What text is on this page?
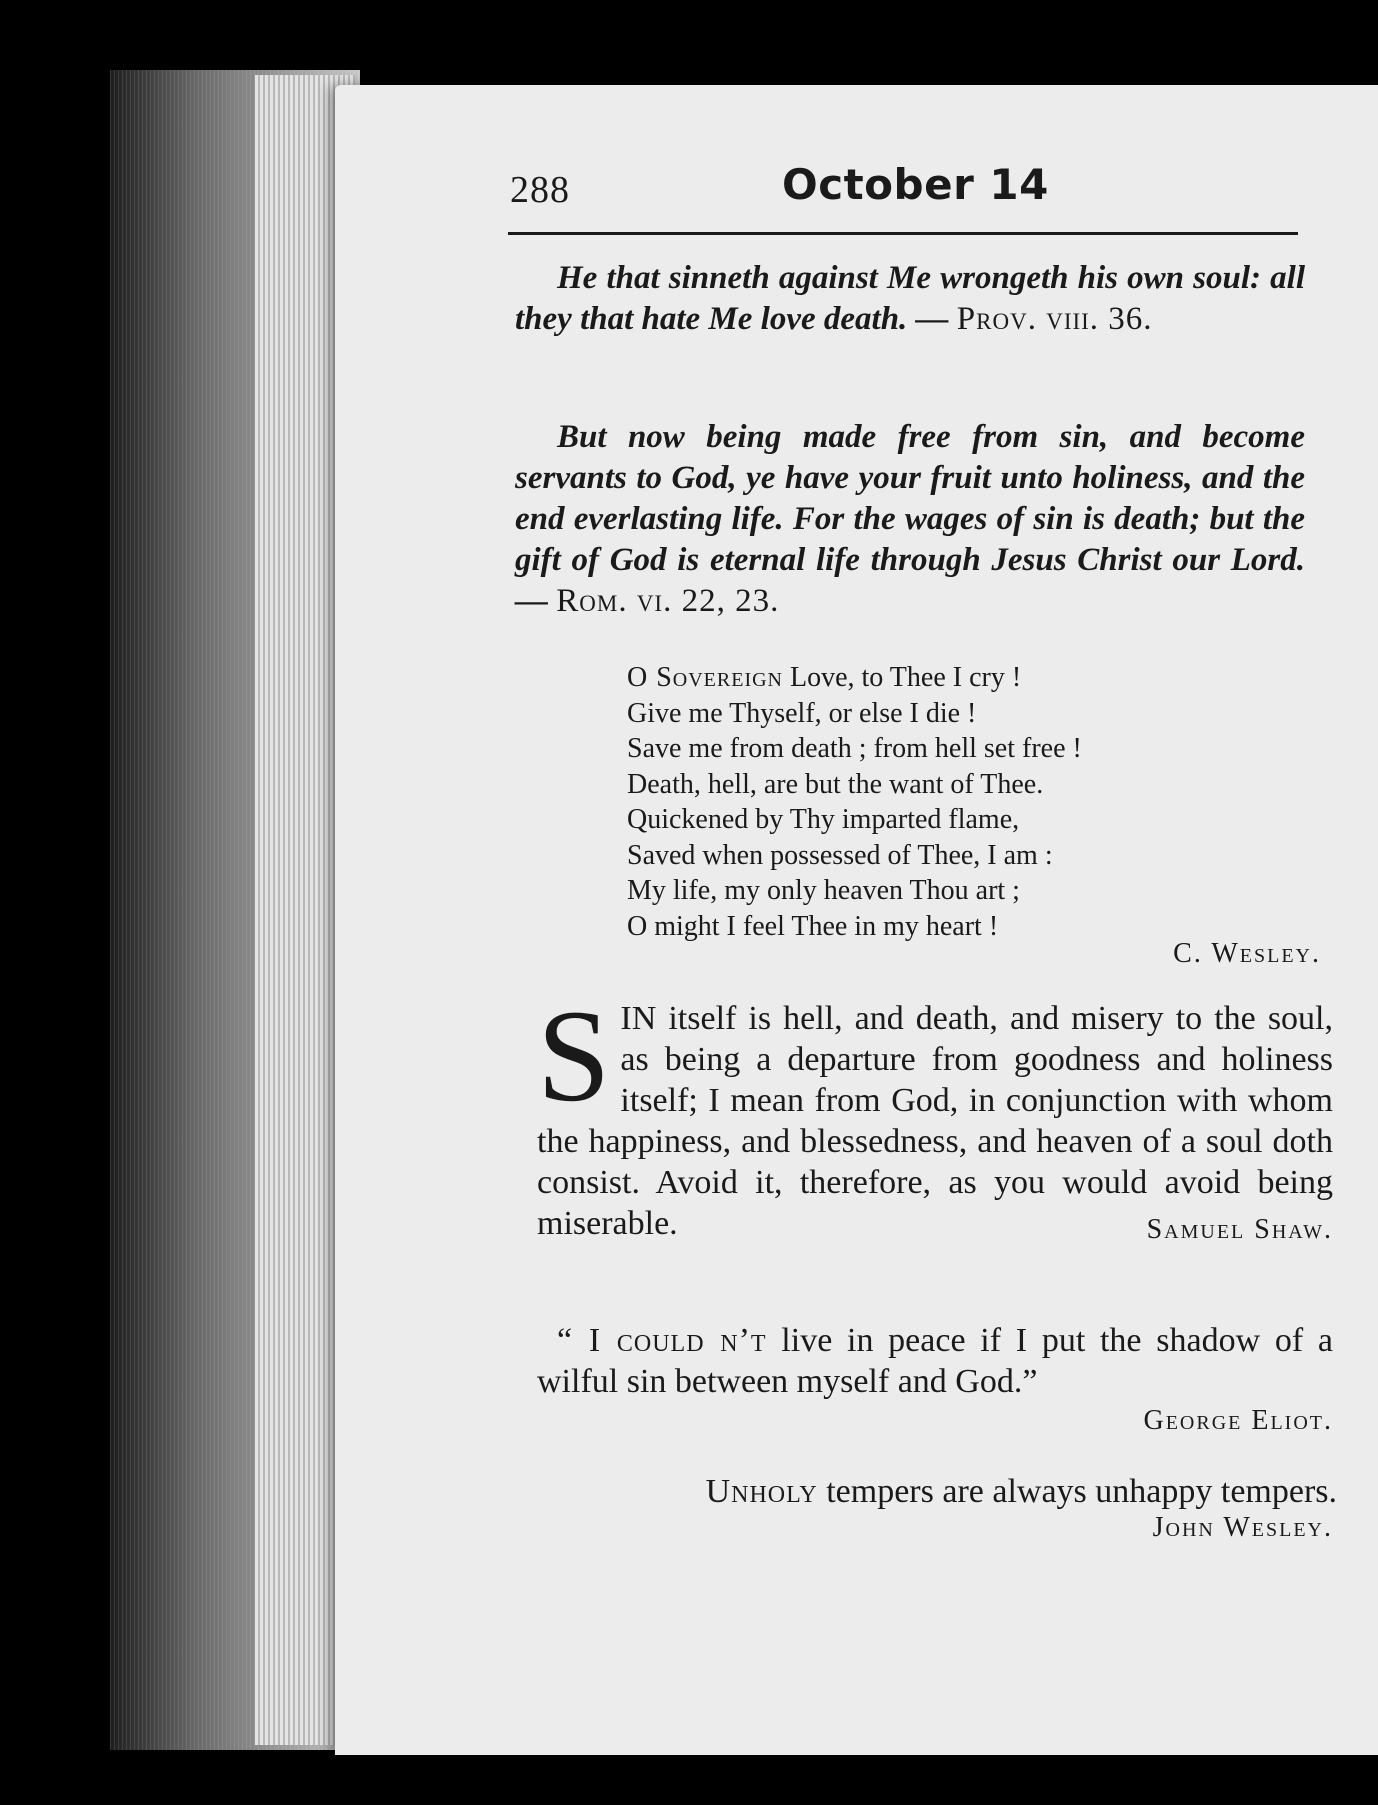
288	October 14
He that sinneth against Me wrongeth his own soul: all they that hate Me love death. — Prov. viii. 36.
But now being made free from sin, and become servants to God, ye have your fruit unto holiness, and the end everlasting life. For the wages of sin is death; but the gift of God is eternal life through Jesus Christ our Lord. — Rom. vi. 22, 23.
O Sovereign Love, to Thee I cry !
Give me Thyself, or else I die !
Save me from death ; from hell set free !
Death, hell, are but the want of Thee.
Quickened by Thy imparted flame,
Saved when possessed of Thee, I am :
My life, my only heaven Thou art ;
O might I feel Thee in my heart !
C. Wesley.
SIN itself is hell, and death, and misery to the soul, as being a departure from goodness and holiness itself; I mean from God, in conjunction with whom the happiness, and blessedness, and heaven of a soul doth consist. Avoid it, therefore, as you would avoid being miserable.	Samuel Shaw.
“ I could n’t live in peace if I put the shadow of a wilful sin between myself and God.”
George Eliot.
Unholy tempers are always unhappy tempers.
John Wesley.
